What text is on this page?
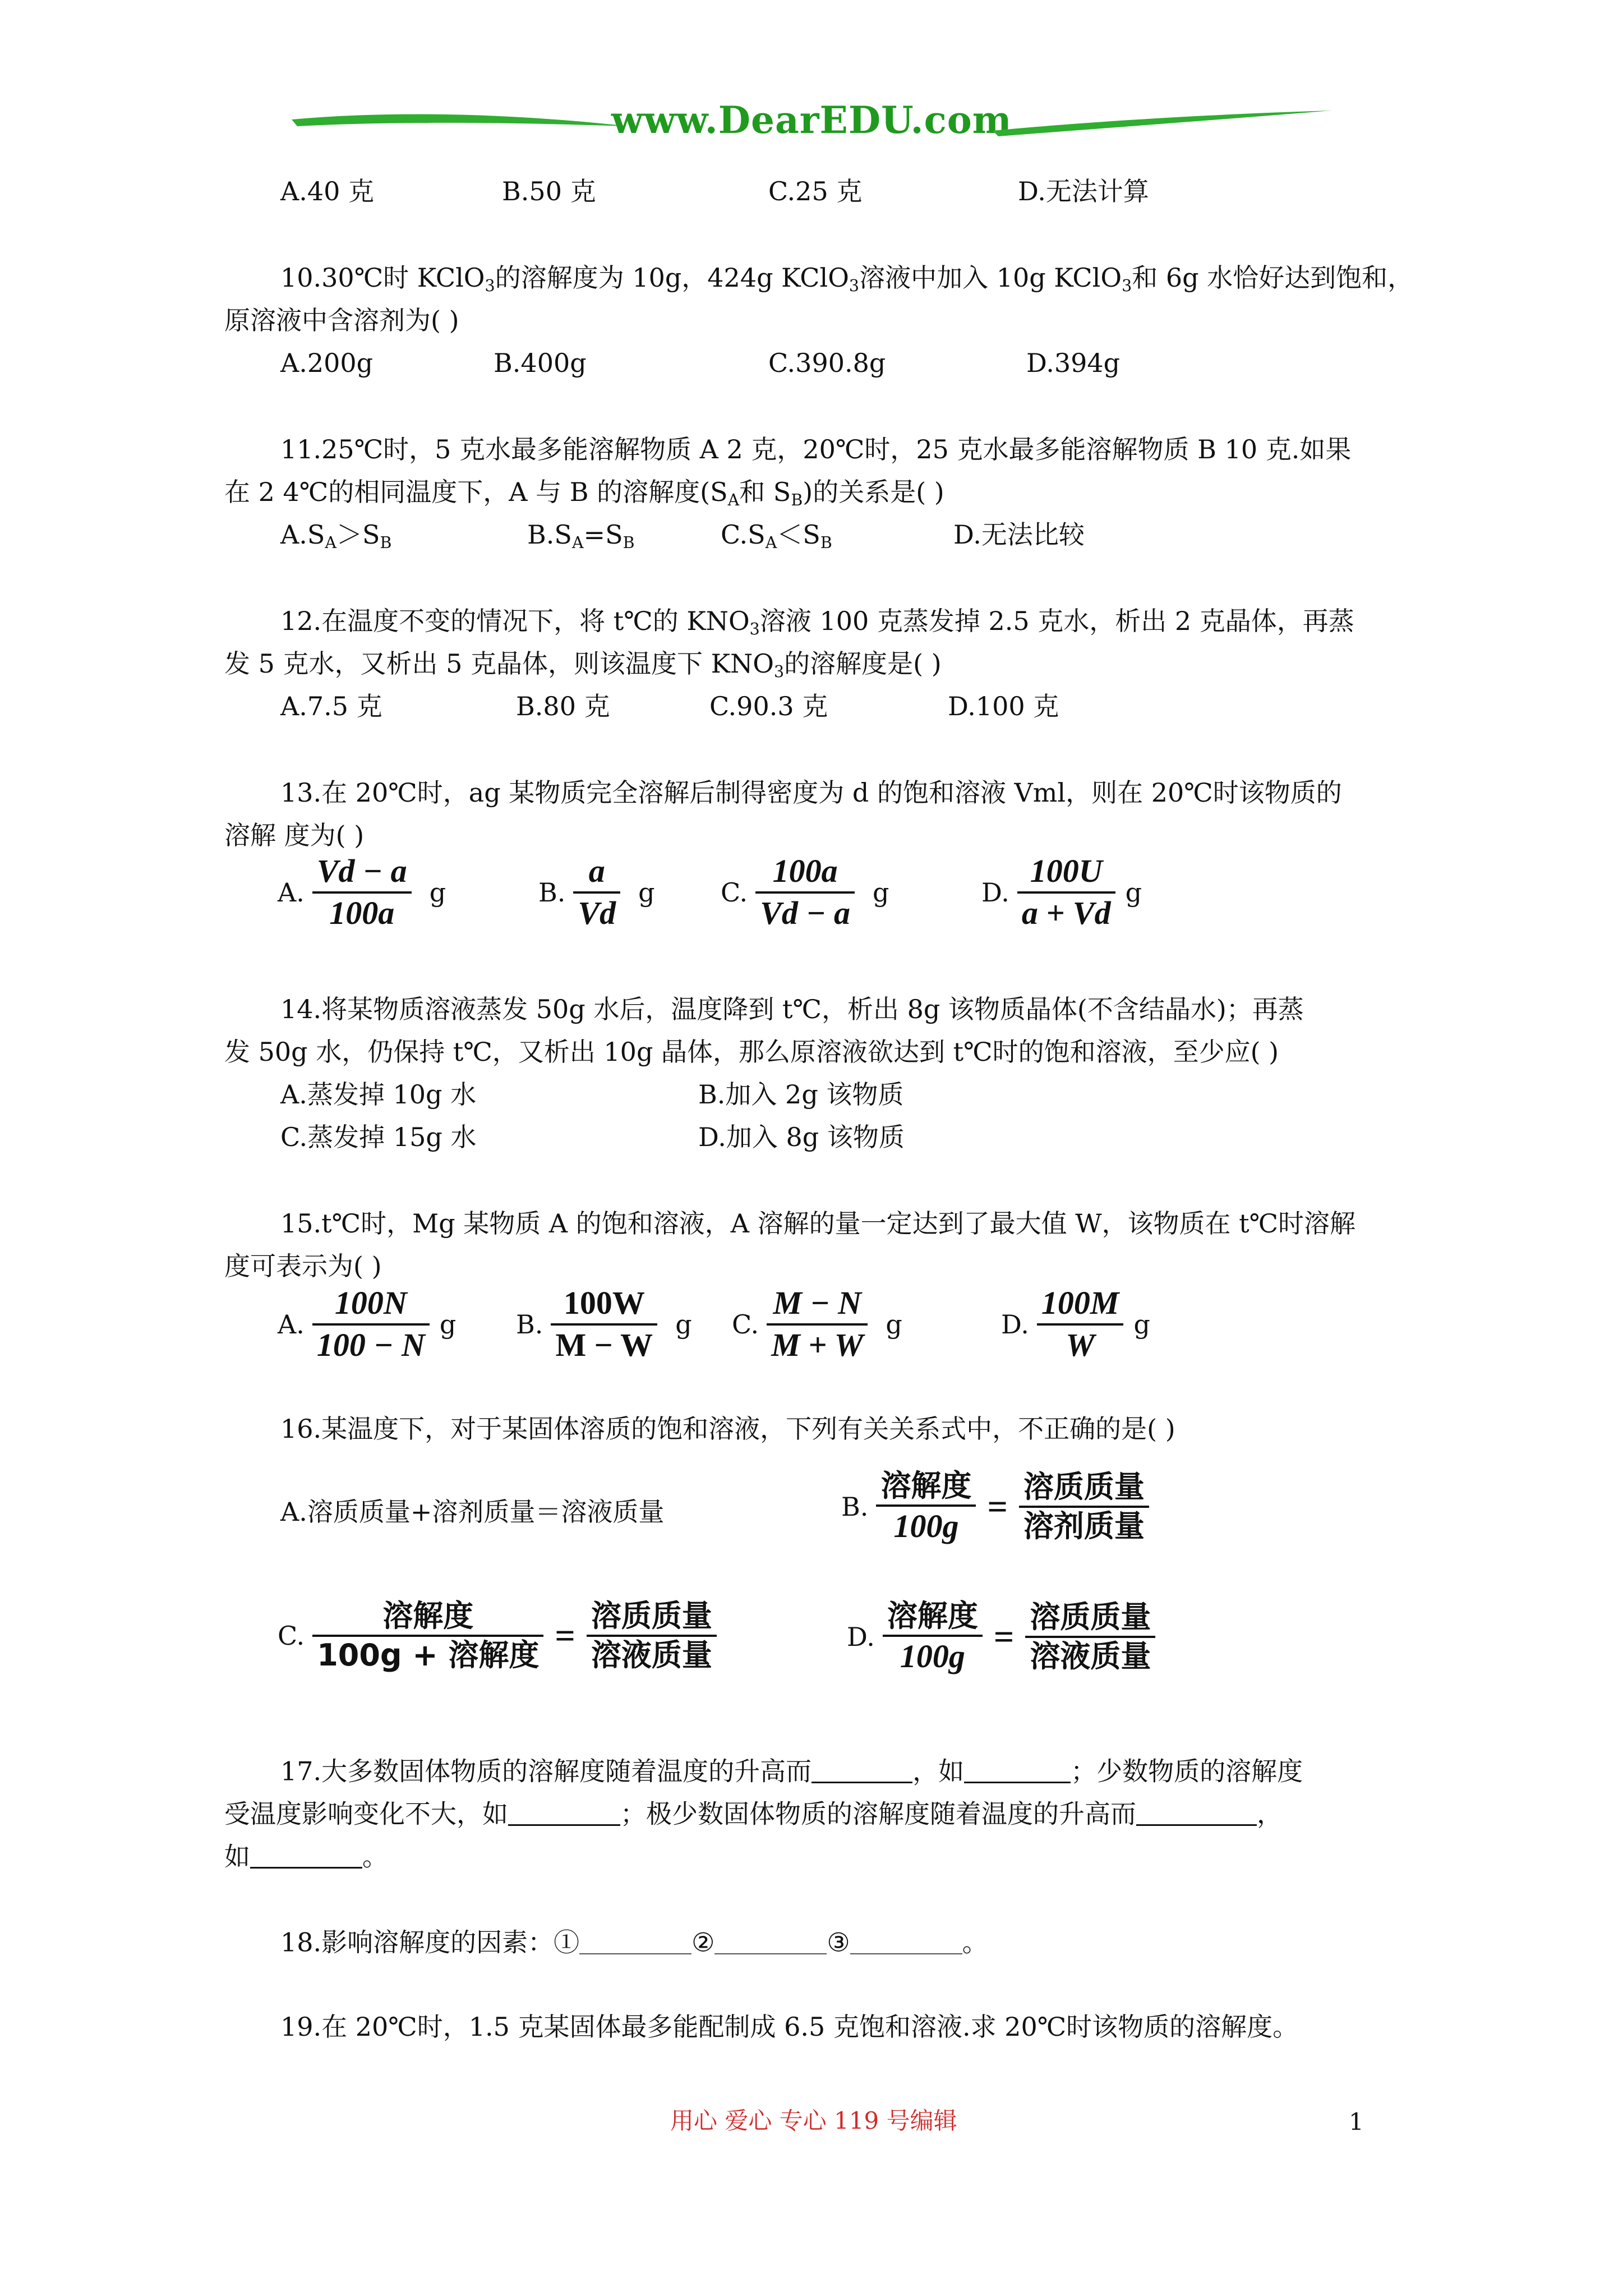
www.DearEDU.com
A.40 克	B.50 克	C.25 克	D.无法计算
10.30℃时 KClO$_3$的溶解度为 10g，424g KClO$_3$溶液中加入 10g KClO$_3$和 6g 水恰好达到饱和，
原溶液中含溶剂为( )
A.200g	B.400g	C.390.8g	D.394g
11.25℃时，5 克水最多能溶解物质 A 2 克，20℃时，25 克水最多能溶解物质 B 10 克.如果
在 2 4℃的相同温度下，A 与 B 的溶解度($S_A$和 $S_B$)的关系是( )
$A.S_A>S_B$	$B.S_A=S_B$	$C.S_A<S_B$	D.无法比较
12.在温度不变的情况下，将 t℃的 $KNO_3$溶液 100 克蒸发掉 2.5 克水，析出 2 克晶体，再蒸
发 5 克水，又析出 5 克晶体，则该温度下 $KNO_3$的溶解度是( )
A.7.5 克	B.80 克	C.90.3 克	D.100 克
13.在 20℃时，ag 某物质完全溶解后制得密度为 d 的饱和溶液 Vml，则在 20℃时该物质的
溶解 度为( )
A. $\frac{Vd - a}{100a}$ g	B. $\frac{a}{Vd}$ g	C. $\frac{100a}{Vd - a}$ g	D. $\frac{100U}{a + Vd}$ g
14.将某物质溶液蒸发 50g 水后，温度降到 t℃，析出 8g 该物质晶体(不含结晶水)；再蒸
发 50g 水，仍保持 t℃，又析出 10g 晶体，那么原溶液欲达到 t℃时的饱和溶液，至少应( )
A.蒸发掉 10g 水	B.加入 2g 该物质
C.蒸发掉 15g 水	D.加入 8g 该物质
15.t℃时，Mg 某物质 A 的饱和溶液，A 溶解的量一定达到了最大值 W，该物质在 t℃时溶解
度可表示为( )
A. $\frac{100N}{100 - N}$ g B. $\frac{100W}{M - W}$ g C. $\frac{M - N}{M + W}$ g	D. $\frac{100M}{W}$ g
16.某温度下，对于某固体溶质的饱和溶液，下列有关关系式中，不正确的是( )
A.溶质质量+溶剂质量＝溶液质量	B. $\frac{\text{溶解度}}{100g} = \frac{\text{溶质质量}}{\text{溶剂质量}}$
C. $\frac{\text{溶解度}}{\text{100g + 溶解度}} = \frac{\text{溶质质量}}{\text{溶液质量}}$	D. $\frac{\text{溶解度}}{100g} = \frac{\text{溶质质量}}{\text{溶液质量}}$
17.大多数固体物质的溶解度随着温度的升高而	，如	；少数物质的溶解度
受温度影响变化不大，如	；极少数固体物质的溶解度随着温度的升高而	，
如	。
18.影响溶解度的因素：①	②	③	。
19.在 20℃时，1.5 克某固体最多能配制成 6.5 克饱和溶液.求 20℃时该物质的溶解度。
用心 爱心 专心 119 号编辑	1
